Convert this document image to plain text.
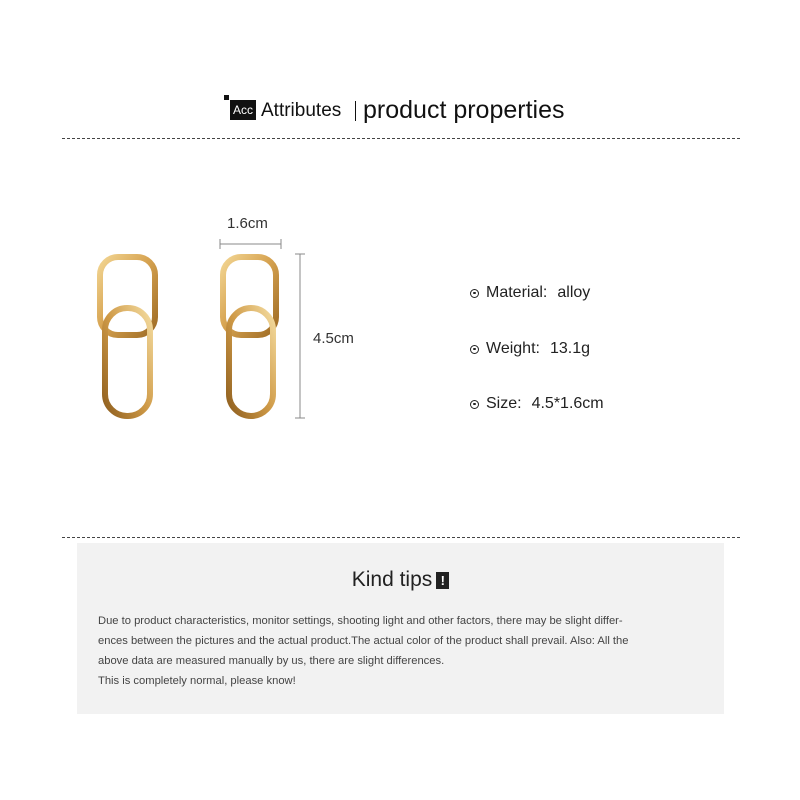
Acc Attributes product properties
1.6cm
4.5cm
Material: alloy
Weight: 13.1g
Size: 4.5*1.6cm
Kind tips !

Due to product characteristics, monitor settings, shooting light and other factors, there may be slight differ-

ences between the pictures and the actual product.The actual color of the product shall prevail. Also: All the

above data are measured manually by us, there are slight differences.

This is completely normal, please know!
